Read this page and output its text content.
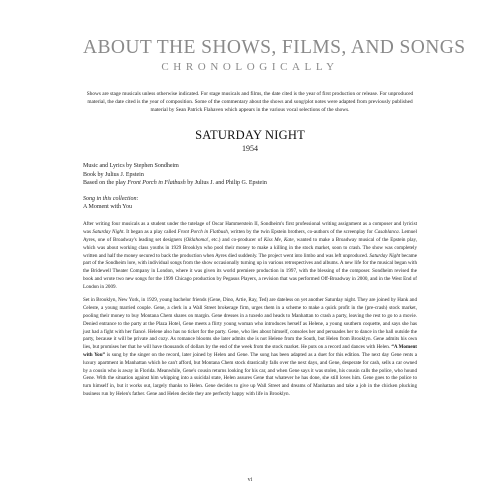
ABOUT THE SHOWS, FILMS, AND SONGS
CHRONOLOGICALLY

Shows are stage musicals unless otherwise indicated. For stage musicals and films, the date cited is the year of first production or release. For unproduced material, the date cited is the year of composition. Some of the commentary about the shows and song/plot notes were adapted from previously published material by Sean Patrick Flahaven which appears in the various vocal selections of the shows.

SATURDAY NIGHT
1954
Music and Lyrics by Stephen Sondheim
Book by Julius J. Epstein
Based on the play Front Porch in Flatbush by Julius J. and Philip G. Epstein
Song in this collection:
A Moment with You

After writing four musicals as a student under the tutelage of Oscar Hammerstein II, Sondheim's first professional writing assignment as a composer and lyricist was Saturday Night. It began as a play called Front Porch in Flatbush, written by the twin Epstein brothers, co-authors of the screenplay for Casablanca. Lemuel Ayres, one of Broadway's leading set designers (Oklahoma!, etc.) and co-producer of Kiss Me, Kate, wanted to make a Broadway musical of the Epstein play, which was about working class youths in 1929 Brooklyn who pool their money to make a killing in the stock market, soon to crash. The show was completely written and half the money secured to back the production when Ayres died suddenly. The project went into limbo and was left unproduced. Saturday Night became part of the Sondheim lore, with individual songs from the show occasionally turning up in various retrospectives and albums. A new life for the musical began with the Bridewell Theater Company in London, where it was given its world premiere production in 1997, with the blessing of the composer. Sondheim revised the book and wrote two new songs for the 1999 Chicago production by Pegasus Players, a revision that was performed Off-Broadway in 2000, and in the West End of London in 2009.

Set in Brooklyn, New York, in 1929, young bachelor friends (Gene, Dino, Artie, Ray, Ted) are dateless on yet another Saturday night. They are joined by Hank and Celeste, a young married couple. Gene, a clerk in a Wall Street brokerage firm, urges them in a scheme to make a quick profit in the (pre-crash) stock market, pooling their money to buy Montana Chem shares on margin. Gene dresses in a tuxedo and heads to Manhattan to crash a party, leaving the rest to go to a movie. Denied entrance to the party at the Plaza Hotel, Gene meets a flirty young woman who introduces herself as Helene, a young southern coquette, and says she has just had a fight with her fiancé. Helene also has no ticket for the party. Gene, who lies about himself, consoles her and persuades her to dance in the hall outside the party, because it will be private and cozy. As romance blooms she later admits she is not Helene from the South, but Helen from Brooklyn. Gene admits his own lies, but promises her that he will have thousands of dollars by the end of the week from the stock market. He puts on a record and dances with Helen. “A Moment with You” is sung by the singer on the record, later joined by Helen and Gene. The song has been adapted as a duet for this edition. The next day Gene rents a luxury apartment in Manhattan which he can't afford, but Montana Chem stock drastically falls over the next days, and Gene, desperate for cash, sells a car owned by a cousin who is away in Florida. Meanwhile, Gene's cousin returns looking for his car, and when Gene says it was stolen, his cousin calls the police, who hound Gene. With the situation against him whipping into a suicidal state, Helen assures Gene that whatever he has done, she still loves him. Gene goes to the police to turn himself in, but it works out, largely thanks to Helen. Gene decides to give up Wall Street and dreams of Manhattan and take a job in the chicken plucking business run by Helen's father. Gene and Helen decide they are perfectly happy with life in Brooklyn.

vi
